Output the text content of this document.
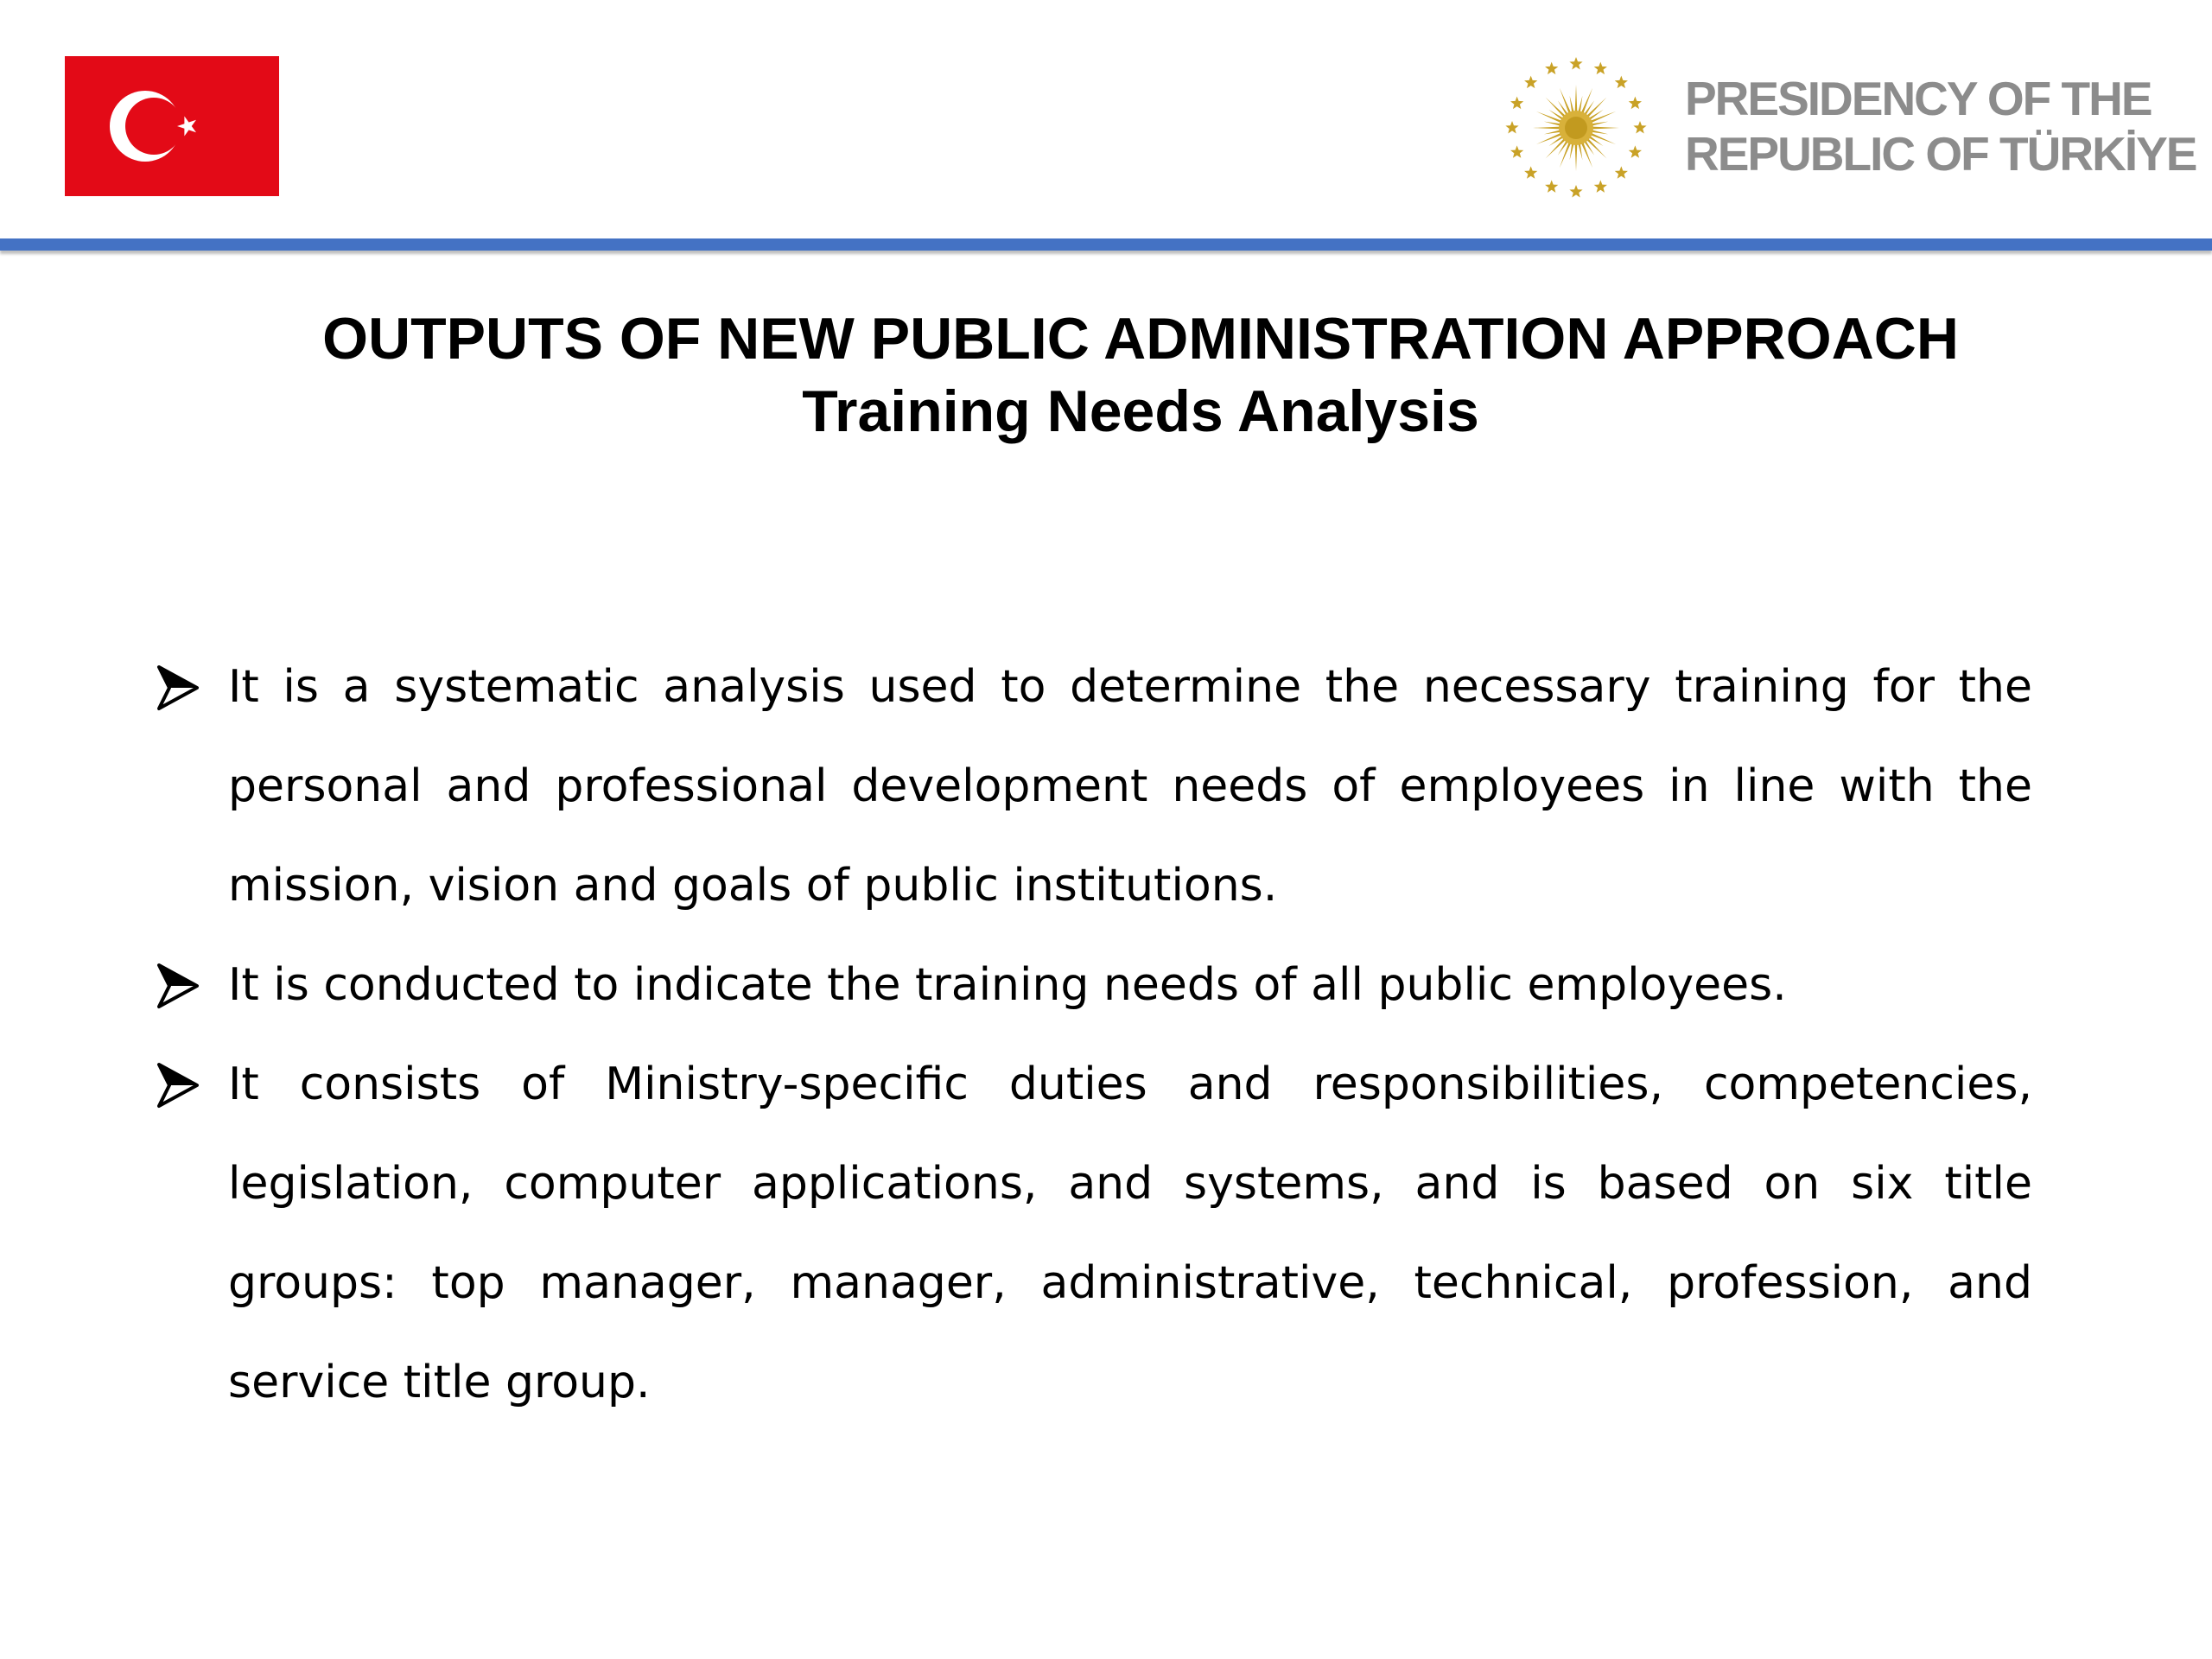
PRESIDENCY OF THE
REPUBLIC OF TÜRKİYE
OUTPUTS OF NEW PUBLIC ADMINISTRATION APPROACH
Training Needs Analysis
It is a systematic analysis used to determine the necessary training for the personal and professional development needs of employees in line with the mission, vision and goals of public institutions.
It is conducted to indicate the training needs of all public employees.
It consists of Ministry-specific duties and responsibilities, competencies, legislation, computer applications, and systems, and is based on six title groups: top manager, manager, administrative, technical, profession, and service title group.
